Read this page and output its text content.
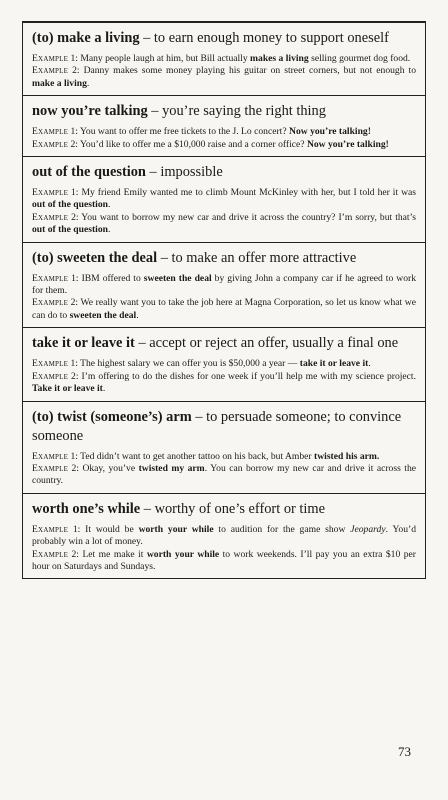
(to) make a living – to earn enough money to support oneself

Example 1: Many people laugh at him, but Bill actually makes a living selling gourmet dog food.

Example 2: Danny makes some money playing his guitar on street corners, but not enough to make a living.

now you’re talking – you’re saying the right thing

Example 1: You want to offer me free tickets to the J. Lo concert? Now you’re talking!

Example 2: You’d like to offer me a $10,000 raise and a corner office? Now you’re talking!

out of the question – impossible

Example 1: My friend Emily wanted me to climb Mount McKinley with her, but I told her it was out of the question.

Example 2: You want to borrow my new car and drive it across the country? I’m sorry, but that’s out of the question.

(to) sweeten the deal – to make an offer more attractive

Example 1: IBM offered to sweeten the deal by giving John a company car if he agreed to work for them.

Example 2: We really want you to take the job here at Magna Corporation, so let us know what we can do to sweeten the deal.

take it or leave it – accept or reject an offer, usually a final one

Example 1: The highest salary we can offer you is $50,000 a year — take it or leave it.

Example 2: I’m offering to do the dishes for one week if you’ll help me with my science project. Take it or leave it.

(to) twist (someone’s) arm – to persuade someone; to convince someone

Example 1: Ted didn’t want to get another tattoo on his back, but Amber twisted his arm.

Example 2: Okay, you’ve twisted my arm. You can borrow my new car and drive it across the country.

worth one’s while – worthy of one’s effort or time

Example 1: It would be worth your while to audition for the game show Jeopardy. You’d probably win a lot of money.

Example 2: Let me make it worth your while to work weekends. I’ll pay you an extra $10 per hour on Saturdays and Sundays.

73
